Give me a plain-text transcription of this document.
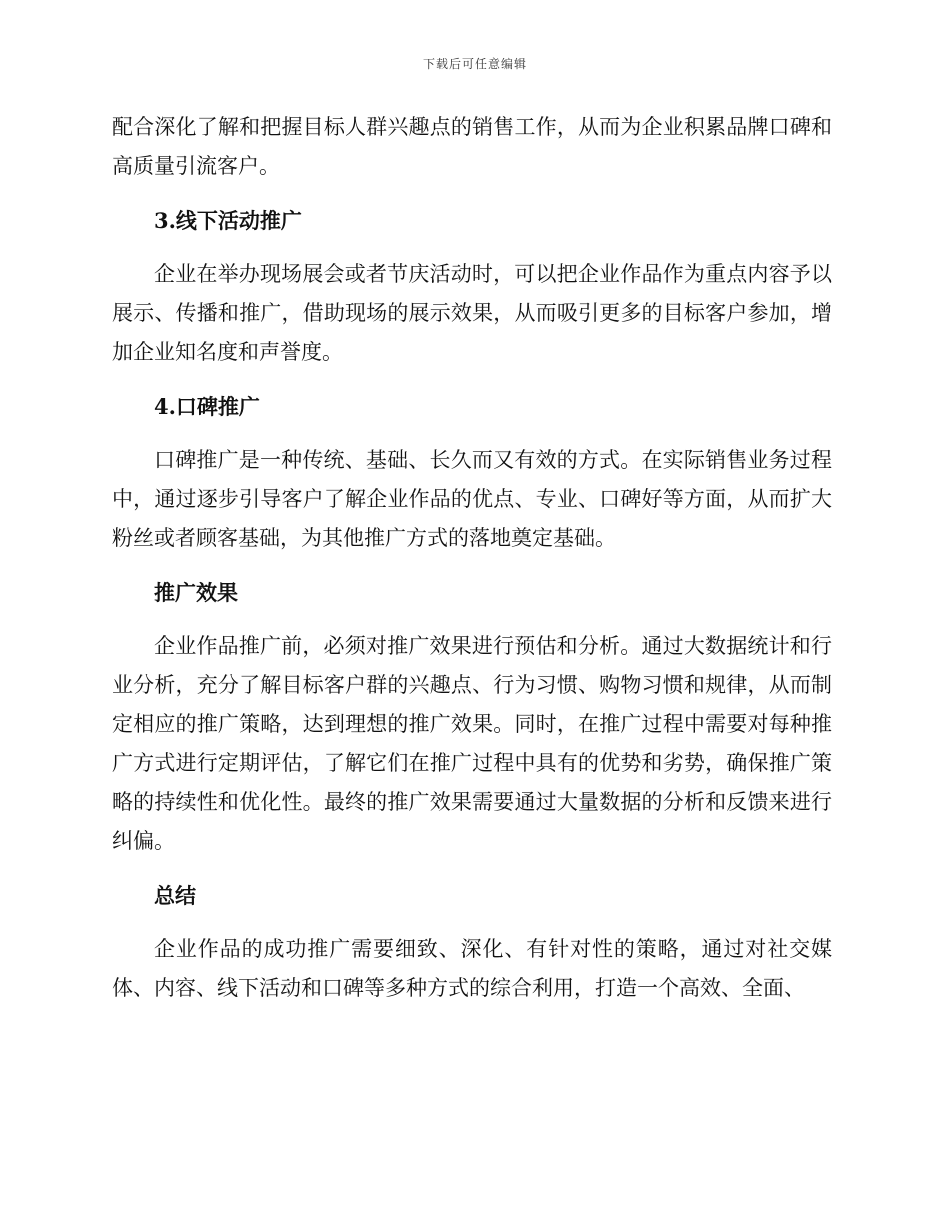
下载后可任意编辑

配合深化了解和把握目标人群兴趣点的销售工作，从而为企业积累品牌口碑和高质量引流客户。

3.线下活动推广

企业在举办现场展会或者节庆活动时，可以把企业作品作为重点内容予以展示、传播和推广，借助现场的展示效果，从而吸引更多的目标客户参加，增加企业知名度和声誉度。

4.口碑推广

口碑推广是一种传统、基础、长久而又有效的方式。在实际销售业务过程中，通过逐步引导客户了解企业作品的优点、专业、口碑好等方面，从而扩大粉丝或者顾客基础，为其他推广方式的落地奠定基础。

推广效果

企业作品推广前，必须对推广效果进行预估和分析。通过大数据统计和行业分析，充分了解目标客户群的兴趣点、行为习惯、购物习惯和规律，从而制定相应的推广策略，达到理想的推广效果。同时，在推广过程中需要对每种推广方式进行定期评估，了解它们在推广过程中具有的优势和劣势，确保推广策略的持续性和优化性。最终的推广效果需要通过大量数据的分析和反馈来进行纠偏。

总结

企业作品的成功推广需要细致、深化、有针对性的策略，通过对社交媒体、内容、线下活动和口碑等多种方式的综合利用，打造一个高效、全面、
